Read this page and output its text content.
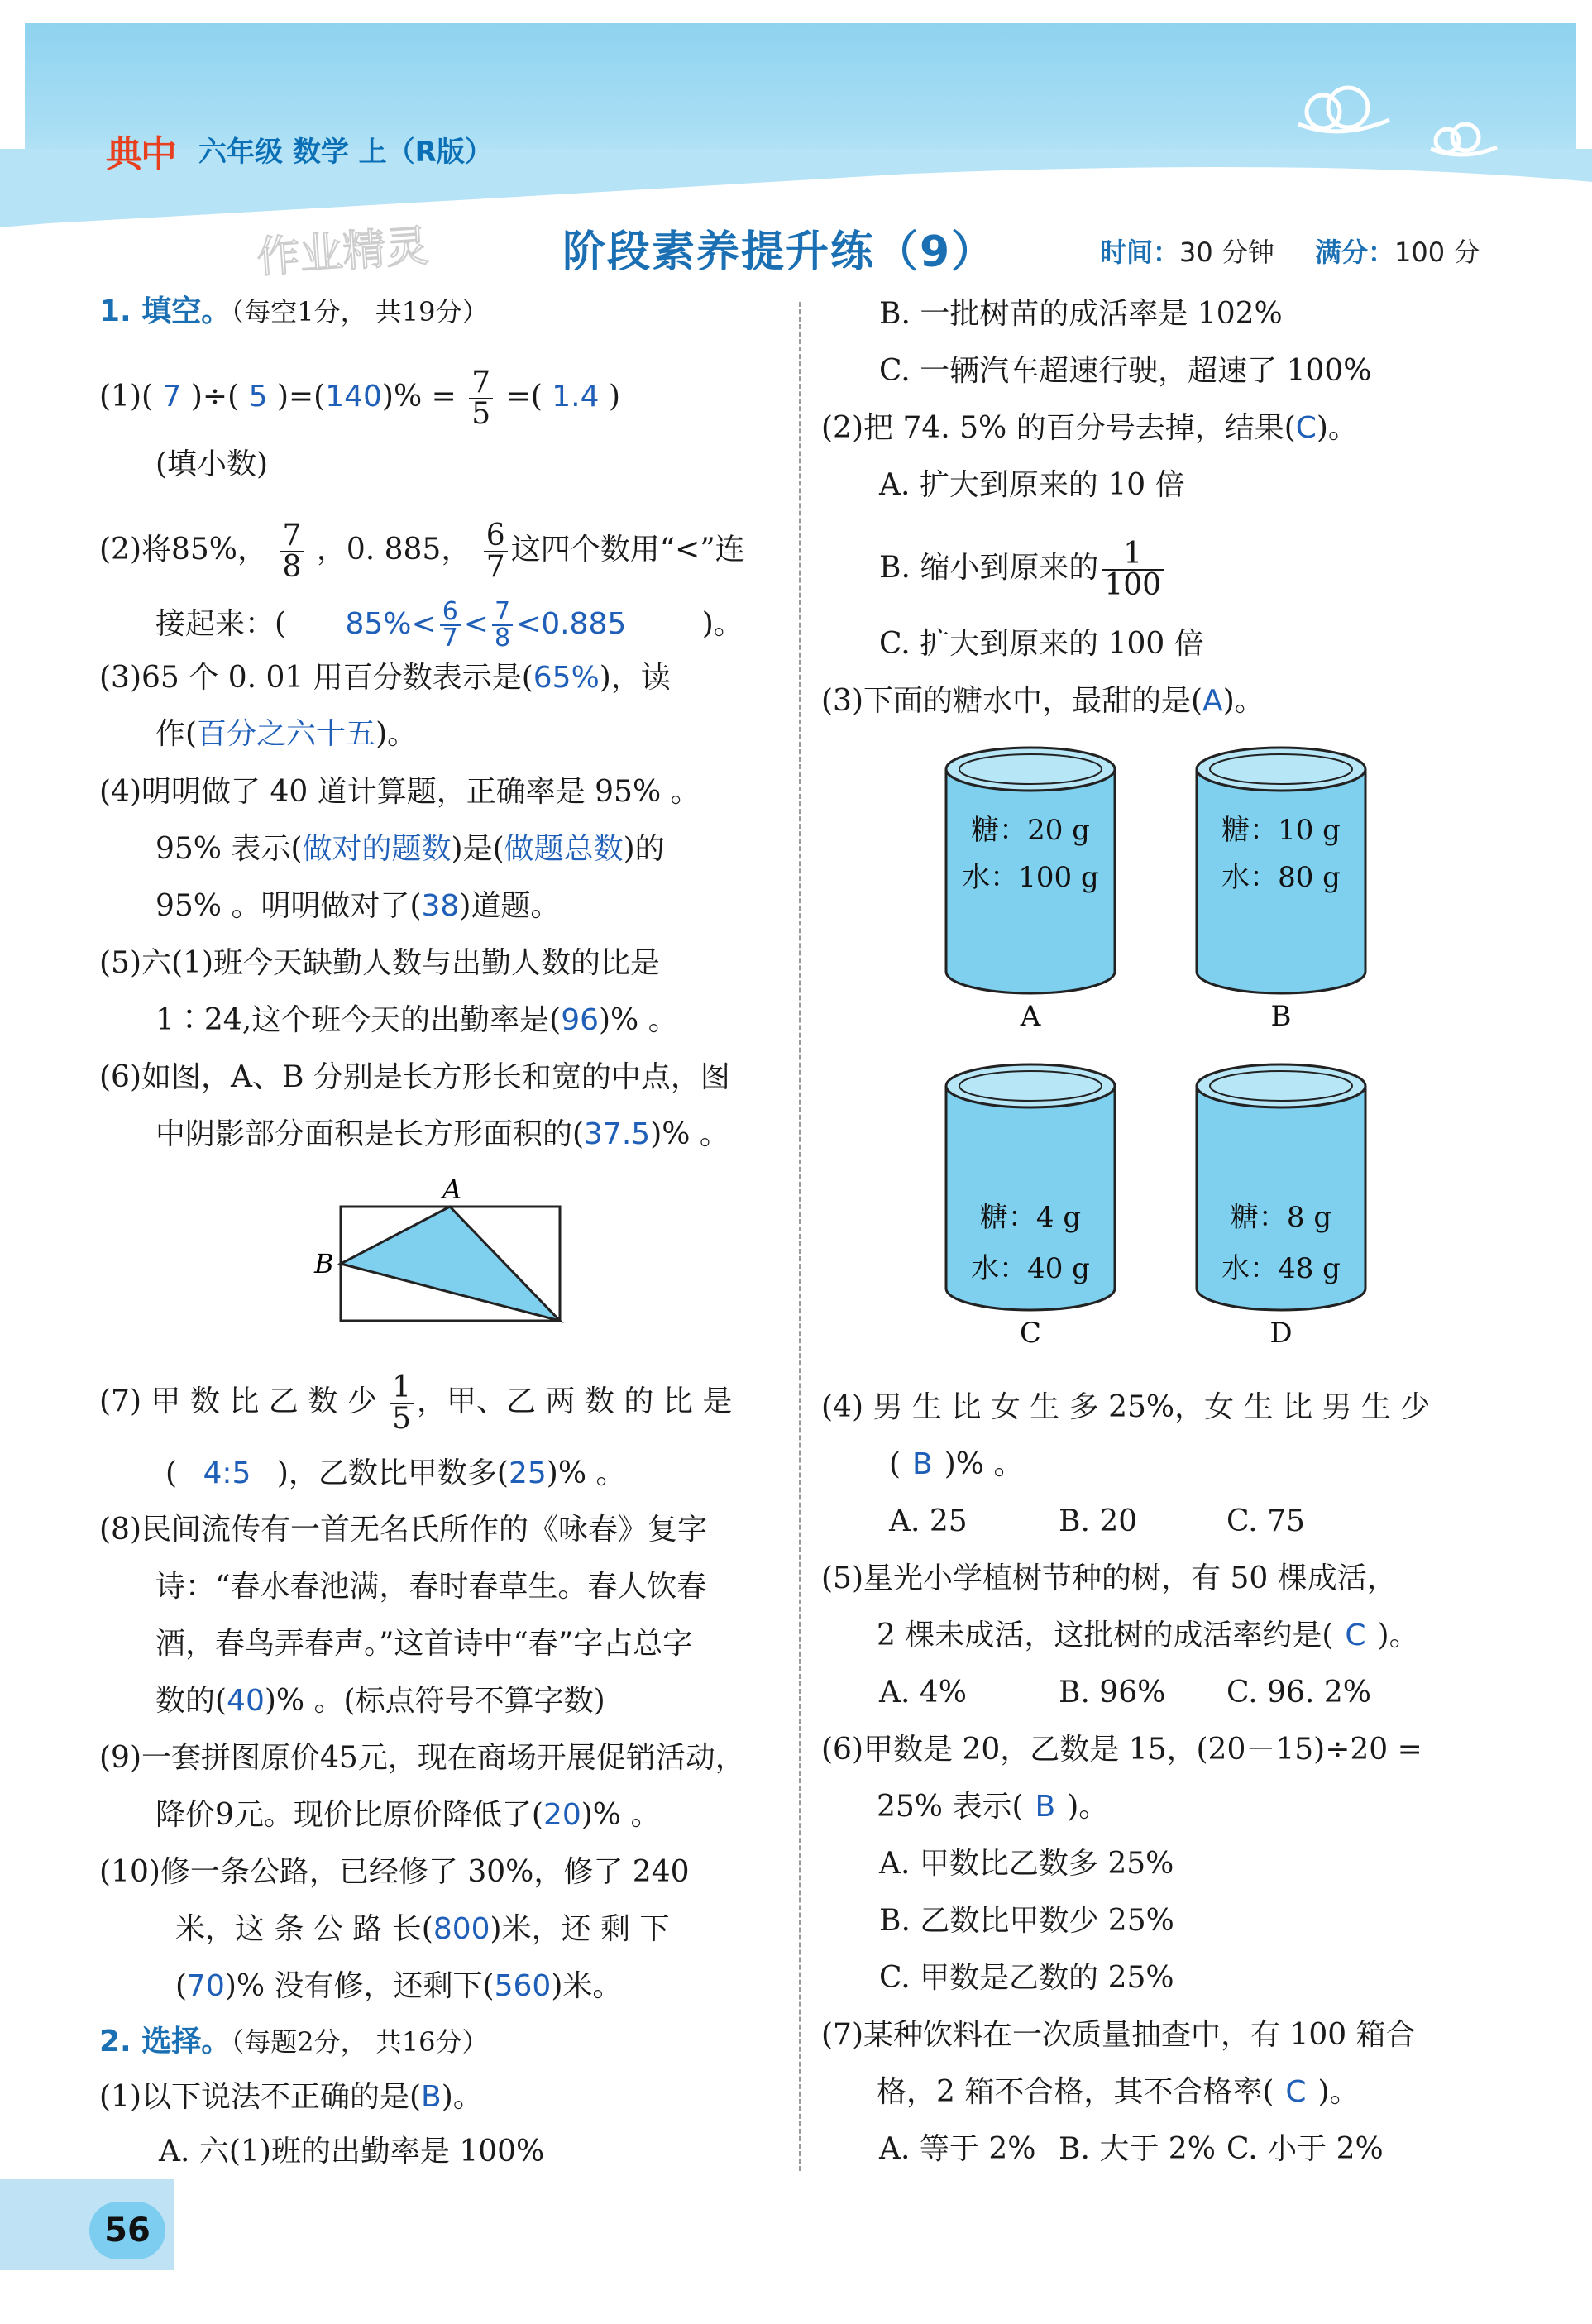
典中 六年级 数学 上（R版）
作业精灵	阶段素养提升练（9）	时间：30 分钟 满分：100 分
1. 填空。（每空1分， 共19分）
(1)( 7 )÷( 5 )$=(140)\% = \frac{7}{5}$ =( 1.4 )
(填小数)
(2)将85%， $\frac{7}{8}$ ，0. 885， $\frac{6}{7}$ 这四个数用“<”连
接起来：( $85\%< \frac{6}{7} < \frac{7}{8} <0.885$	)。
(3)65 个 0. 01 用百分数表示是(65%)，读
作(百分之六十五)。
(4)明明做了 40 道计算题，正确率是 95% 。
95% 表示(做对的题数)是(做题总数)的
95% 。明明做对了(38)道题。
(5)六(1)班今天缺勤人数与出勤人数的比是
1∶24,这个班今天的出勤率是(96)% 。
(6)如图，A、B 分别是长方形长和宽的中点，图
中阴影部分面积是长方形面积的(37.5)% 。
A
B
(7) 甲 数 比 乙 数 少 $\frac{1}{5}$ ，甲、乙 两 数 的 比 是
( 4:5 )，乙数比甲数多(25)% 。
(8)民间流传有一首无名氏所作的《咏春》复字
诗：“春水春池满，春时春草生。春人饮春
酒，春鸟弄春声。”这首诗中“春”字占总字
数的(40)% 。(标点符号不算字数)
(9)一套拼图原价45元，现在商场开展促销活动，
降价9元。现价比原价降低了(20)% 。
(10)修一条公路，已经修了 30%，修了 240
米，这 条 公 路 长(800)米，还 剩 下
(70)% 没有修，还剩下(560)米。
2. 选择。（每题2分， 共16分）
(1)以下说法不正确的是(B)。
A. 六(1)班的出勤率是 100%
B. 一批树苗的成活率是 102%
C. 一辆汽车超速行驶，超速了 100%
(2)把 74. 5% 的百分号去掉，结果(C)。
A. 扩大到原来的 10 倍
B. 缩小到原来的 $\frac{1}{100}$
C. 扩大到原来的 100 倍
(3)下面的糖水中，最甜的是(A)。
糖：20 g
水：100 g
A
糖：10 g
水：80 g
B
糖：4 g
水：40 g
C
糖：8 g
水：48 g
D
(4) 男 生 比 女 生 多 25%，女 生 比 男 生 少
( B )% 。
A. 25	B. 20	C. 75
(5)星光小学植树节种的树，有 50 棵成活，
2 棵未成活，这批树的成活率约是( C )。
A. 4%	B. 96% C. 96. 2%
(6)甲数是 20，乙数是 15，(20－15)÷20 =
25% 表示( B )。
A. 甲数比乙数多 25%
B. 乙数比甲数少 25%
C. 甲数是乙数的 25%
(7)某种饮料在一次质量抽查中，有 100 箱合
格，2 箱不合格，其不合格率( C )。
A. 等于 2% B. 大于 2% C. 小于 2%
56
